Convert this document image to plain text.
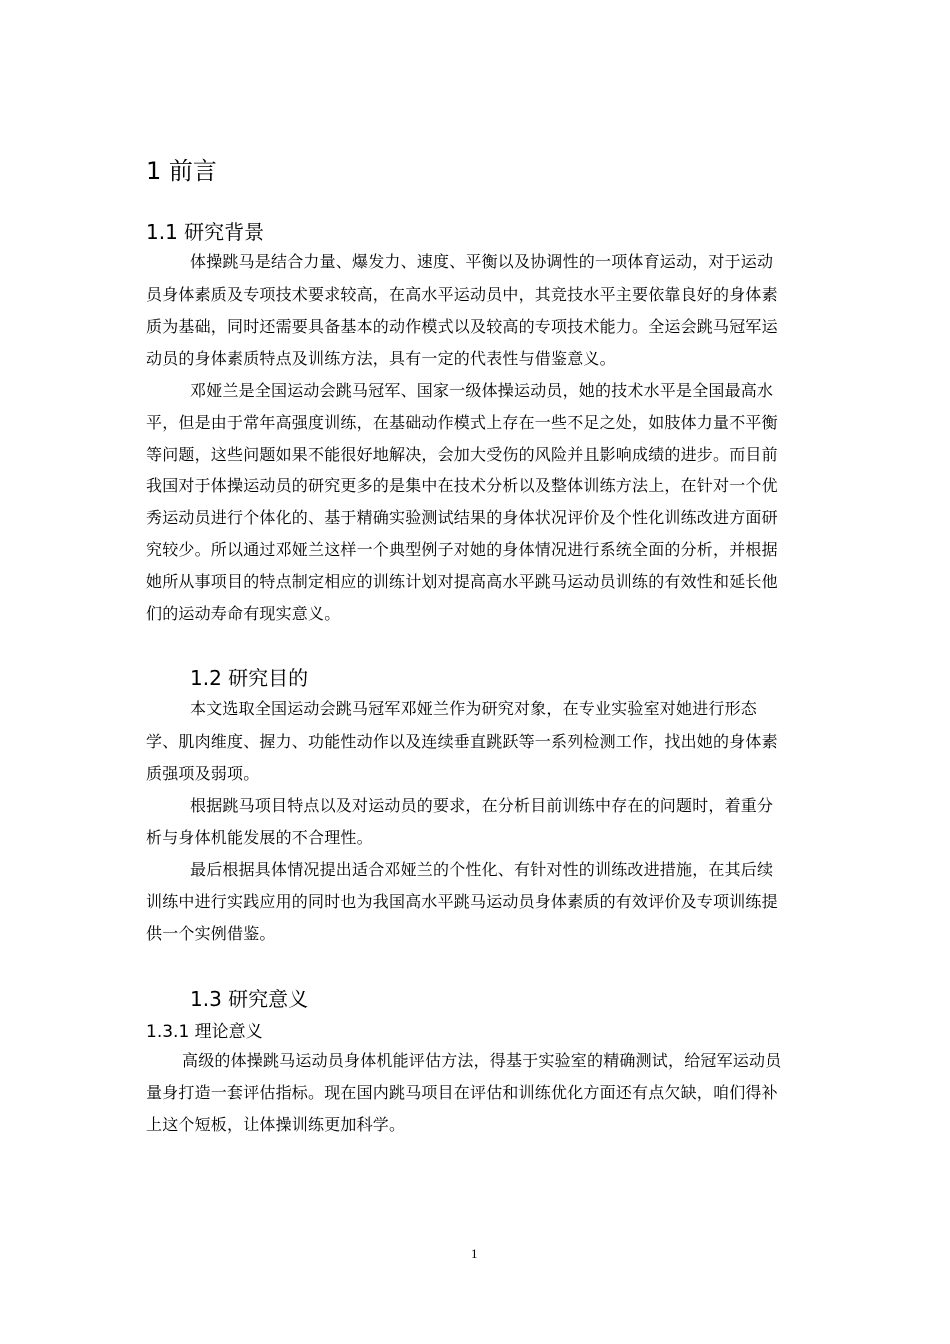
1 前言
1.1 研究背景
体操跳马是结合力量、爆发力、速度、平衡以及协调性的一项体育运动，对于运动
员身体素质及专项技术要求较高，在高水平运动员中，其竞技水平主要依靠良好的身体素
质为基础，同时还需要具备基本的动作模式以及较高的专项技术能力。全运会跳马冠军运
动员的身体素质特点及训练方法，具有一定的代表性与借鉴意义。
邓娅兰是全国运动会跳马冠军、国家一级体操运动员，她的技术水平是全国最高水
平，但是由于常年高强度训练，在基础动作模式上存在一些不足之处，如肢体力量不平衡
等问题，这些问题如果不能很好地解决，会加大受伤的风险并且影响成绩的进步。而目前
我国对于体操运动员的研究更多的是集中在技术分析以及整体训练方法上，在针对一个优
秀运动员进行个体化的、基于精确实验测试结果的身体状况评价及个性化训练改进方面研
究较少。所以通过邓娅兰这样一个典型例子对她的身体情况进行系统全面的分析，并根据
她所从事项目的特点制定相应的训练计划对提高高水平跳马运动员训练的有效性和延长他
们的运动寿命有现实意义。
1.2 研究目的
本文选取全国运动会跳马冠军邓娅兰作为研究对象，在专业实验室对她进行形态
学、肌肉维度、握力、功能性动作以及连续垂直跳跃等一系列检测工作，找出她的身体素
质强项及弱项。
根据跳马项目特点以及对运动员的要求，在分析目前训练中存在的问题时，着重分
析与身体机能发展的不合理性。
最后根据具体情况提出适合邓娅兰的个性化、有针对性的训练改进措施，在其后续
训练中进行实践应用的同时也为我国高水平跳马运动员身体素质的有效评价及专项训练提
供一个实例借鉴。
1.3 研究意义
1.3.1 理论意义
高级的体操跳马运动员身体机能评估方法，得基于实验室的精确测试，给冠军运动员
量身打造一套评估指标。现在国内跳马项目在评估和训练优化方面还有点欠缺，咱们得补
上这个短板，让体操训练更加科学。
1
